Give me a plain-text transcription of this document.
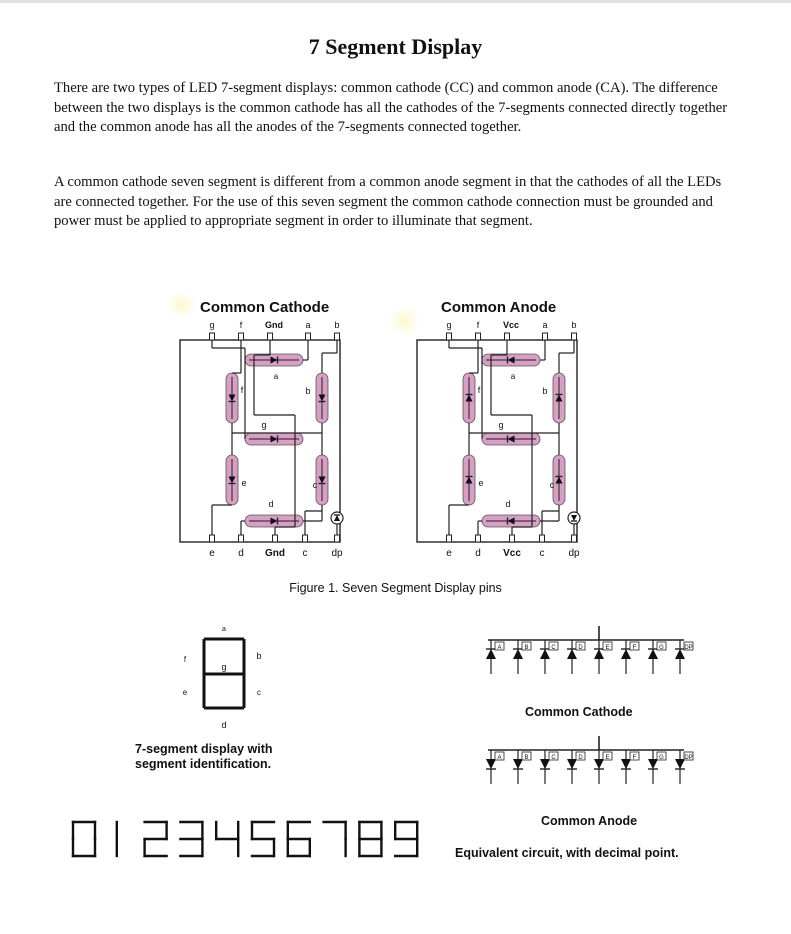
7 Segment Display

There are two types of LED 7-segment displays: common cathode (CC) and common anode (CA). The difference between the two displays is the common cathode has all the cathodes of the 7-segments connected directly together and the common anode has all the anodes of the 7-segments connected together.

A common cathode seven segment is different from a common anode segment in that the cathodes of all the LEDs are connected together. For the use of this seven segment the common cathode connection must be grounded and power must be applied to appropriate segment in order to illuminate that segment.

Common Cathode	Common Anode
g	f	Gnd a	b
e d Gnd c dp
a
b
c
d
e
f
g
g	f	Vcc	a	b
e d Vcc c dp
a
b
c
d
e
f
g
a
b
c
d
e
f
g
A	B	C	D	E	F	G	DP
A	B	C	D	E	F	G	DP
Figure 1. Seven Segment Display pins
7-segment display with
segment identification.
Common Cathode
Common Anode
Equivalent circuit, with decimal point.
